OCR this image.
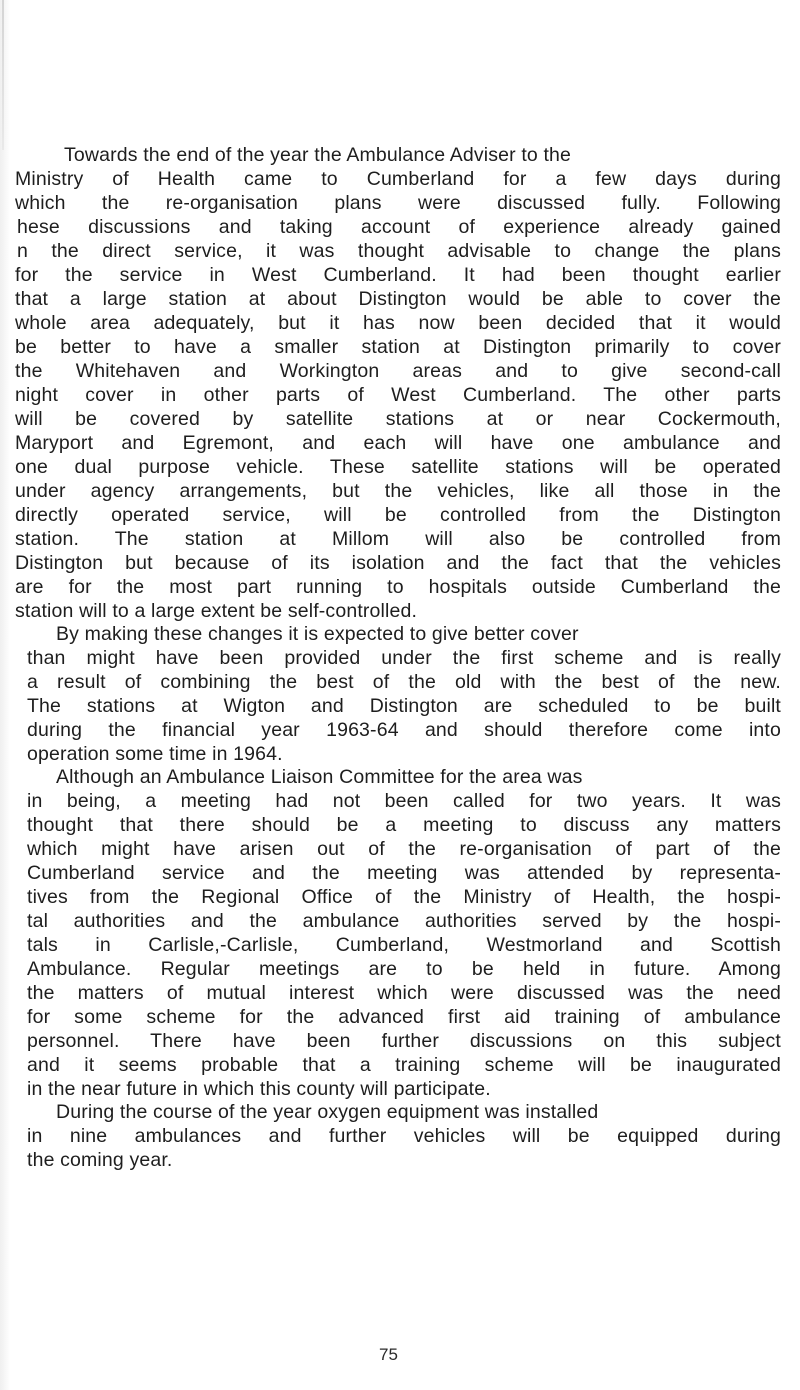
Towards the end of the year the Ambulance Adviser to the
Ministry of Health came to Cumberland for a few days during
which the re-organisation plans were discussed fully. Following
hese discussions and taking account of experience already gained
n the direct service, it was thought advisable to change the plans
for the service in West Cumberland. It had been thought earlier
that a large station at about Distington would be able to cover the
whole area adequately, but it has now been decided that it would
be better to have a smaller station at Distington primarily to cover
the Whitehaven and Workington areas and to give second-call
night cover in other parts of West Cumberland. The other parts
will be covered by satellite stations at or near Cockermouth,
Maryport and Egremont, and each will have one ambulance and
one dual purpose vehicle. These satellite stations will be operated
under agency arrangements, but the vehicles, like all those in the
directly operated service, will be controlled from the Distington
station. The station at Millom will also be controlled from
Distington but because of its isolation and the fact that the vehicles
are for the most part running to hospitals outside Cumberland the
station will to a large extent be self-controlled.
By making these changes it is expected to give better cover
than might have been provided under the first scheme and is really
a result of combining the best of the old with the best of the new.
The stations at Wigton and Distington are scheduled to be built
during the financial year 1963-64 and should therefore come into
operation some time in 1964.
Although an Ambulance Liaison Committee for the area was
in being, a meeting had not been called for two years. It was
thought that there should be a meeting to discuss any matters
which might have arisen out of the re-organisation of part of the
Cumberland service and the meeting was attended by representa-
tives from the Regional Office of the Ministry of Health, the hospi-
tal authorities and the ambulance authorities served by the hospi-
tals in Carlisle,-Carlisle, Cumberland, Westmorland and Scottish
Ambulance. Regular meetings are to be held in future. Among
the matters of mutual interest which were discussed was the need
for some scheme for the advanced first aid training of ambulance
personnel. There have been further discussions on this subject
and it seems probable that a training scheme will be inaugurated
in the near future in which this county will participate.
During the course of the year oxygen equipment was installed
in nine ambulances and further vehicles will be equipped during
the coming year.
75
